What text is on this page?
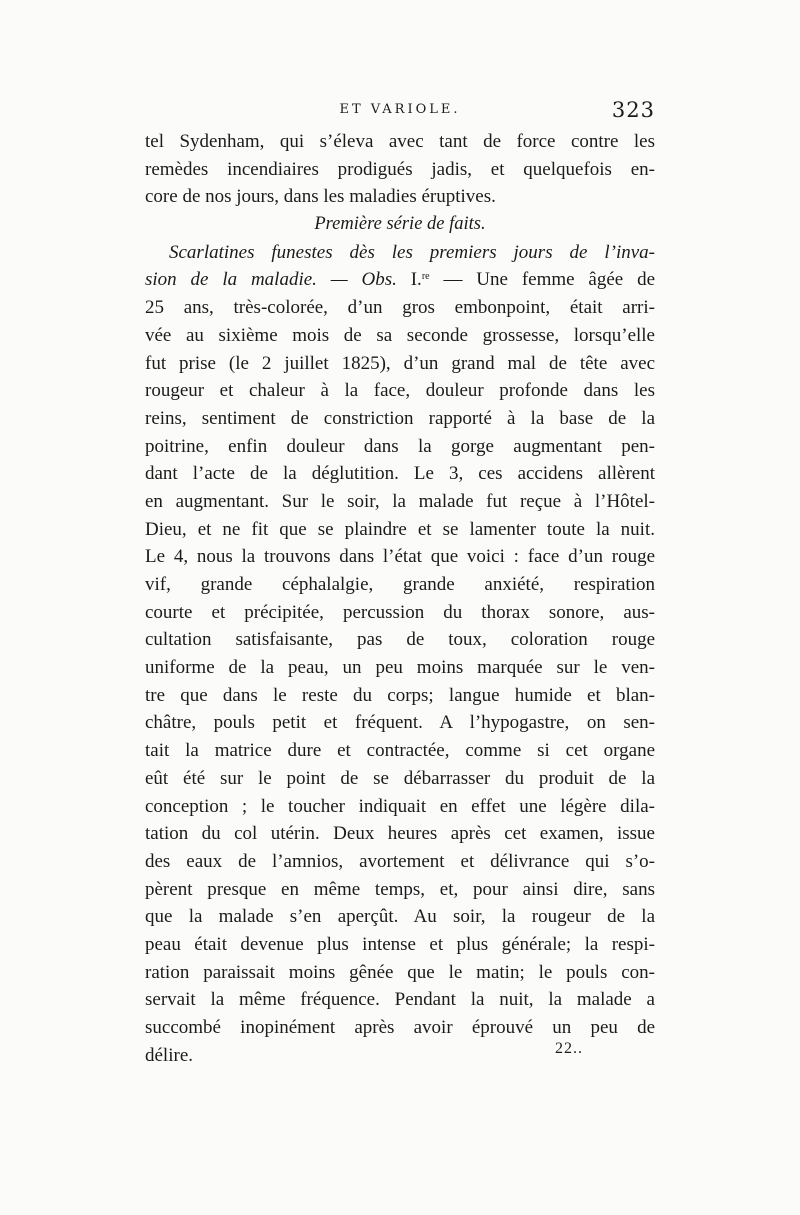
ET VARIOLE.	323
tel Sydenham, qui s’éleva avec tant de force contre les
remèdes incendiaires prodigués jadis, et quelquefois en-
core de nos jours, dans les maladies éruptives.
Première série de faits.
Scarlatines funestes dès les premiers jours de l’inva-
sion de la maladie. — Obs. I.$^{re}$ — Une femme âgée de
25 ans, très-colorée, d’un gros embonpoint, était arri-
vée au sixième mois de sa seconde grossesse, lorsqu’elle
fut prise (le 2 juillet 1825), d’un grand mal de tête avec
rougeur et chaleur à la face, douleur profonde dans les
reins, sentiment de constriction rapporté à la base de la
poitrine, enfin douleur dans la gorge augmentant pen-
dant l’acte de la déglutition. Le 3, ces accidens allèrent
en augmentant. Sur le soir, la malade fut reçue à l’Hôtel-
Dieu, et ne fit que se plaindre et se lamenter toute la nuit.
Le 4, nous la trouvons dans l’état que voici : face d’un rouge
vif, grande céphalalgie, grande anxiété, respiration
courte et précipitée, percussion du thorax sonore, aus-
cultation satisfaisante, pas de toux, coloration rouge
uniforme de la peau, un peu moins marquée sur le ven-
tre que dans le reste du corps; langue humide et blan-
châtre, pouls petit et fréquent. A l’hypogastre, on sen-
tait la matrice dure et contractée, comme si cet organe
eût été sur le point de se débarrasser du produit de la
conception ; le toucher indiquait en effet une légère dila-
tation du col utérin. Deux heures après cet examen, issue
des eaux de l’amnios, avortement et délivrance qui s’o-
pèrent presque en même temps, et, pour ainsi dire, sans
que la malade s’en aperçût. Au soir, la rougeur de la
peau était devenue plus intense et plus générale; la respi-
ration paraissait moins gênée que le matin; le pouls con-
servait la même fréquence. Pendant la nuit, la malade a
succombé inopinément après avoir éprouvé un peu de
délire.	22..
